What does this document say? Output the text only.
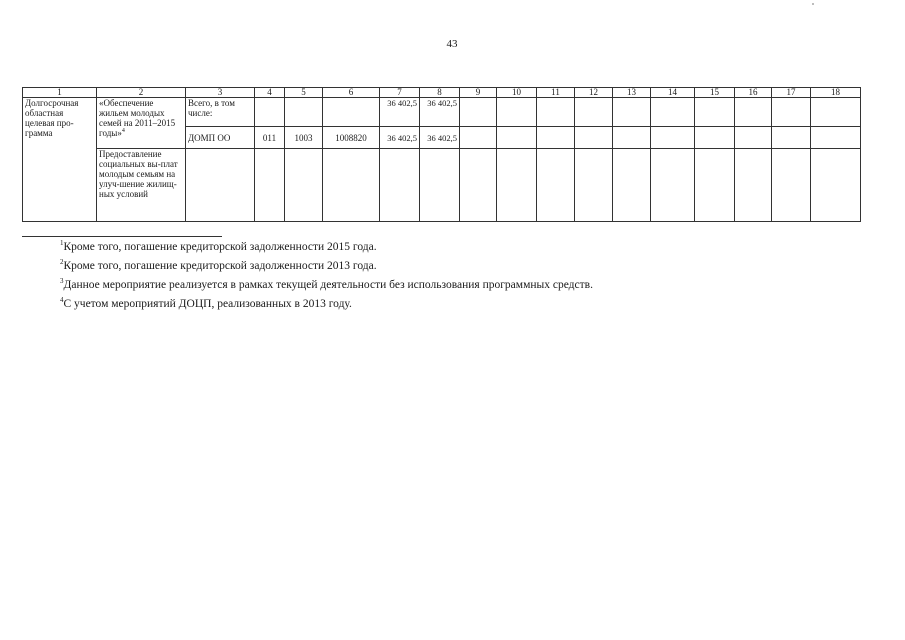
43
1	2	3	4	5	6	7	8	9	10	11	12	13	14	15	16	17	18
Долгосрочная областная целевая про-грамма	«Обеспечение жильем молодых семей на 2011–2015 годы»$^4$	Всего, в том числе:				36 402,5	36 402,5										
		ДОМП ОО	011	1003	1008820	36 402,5	36 402,5										
	Предоставление социальных вы-плат молодым семьям на улуч-шение жилищ-ных условий																
$^1$Кроме того, погашение кредиторской задолженности 2015 года.
$^2$Кроме того, погашение кредиторской задолженности 2013 года.
$^3$Данное мероприятие реализуется в рамках текущей деятельности без использования программных средств.
$^4$С учетом мероприятий ДОЦП, реализованных в 2013 году.
